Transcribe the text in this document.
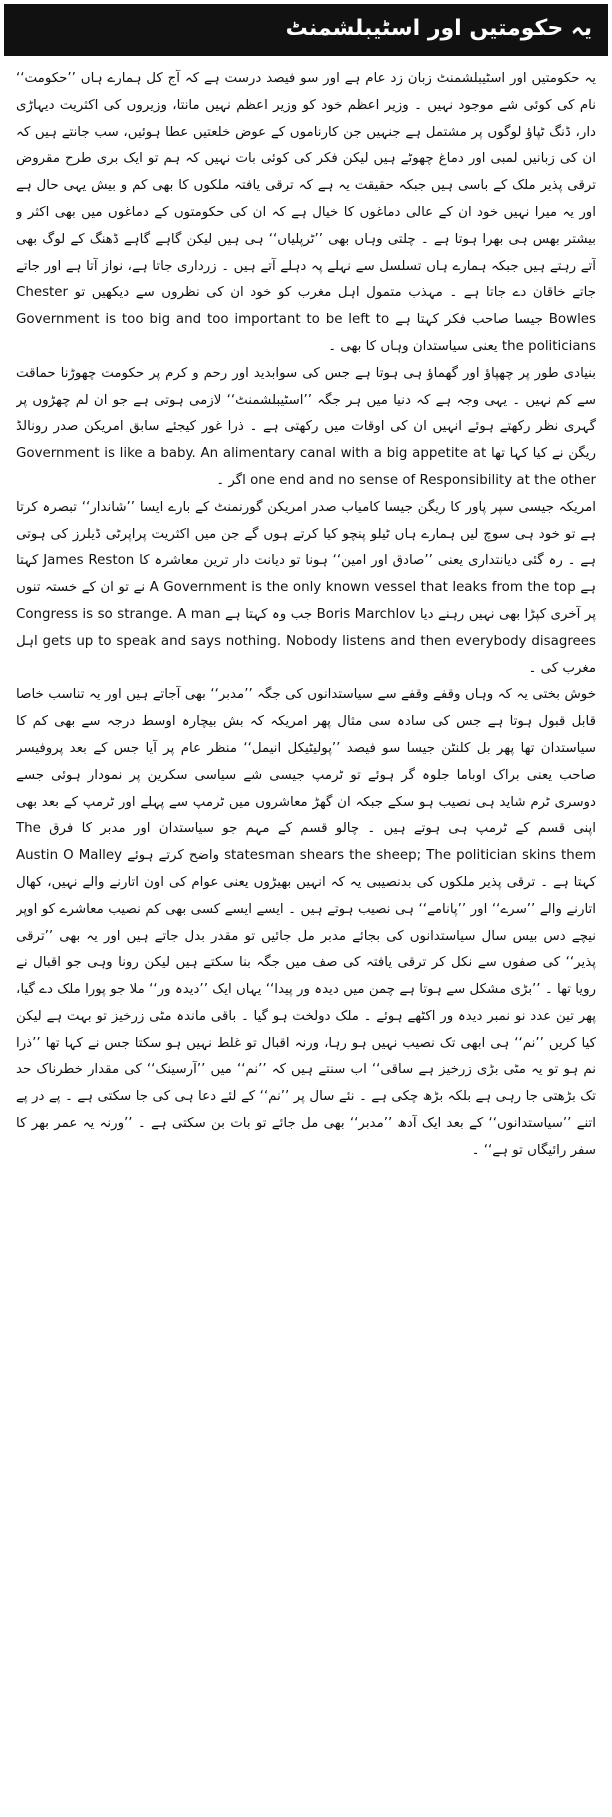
یہ حکومتیں اور اسٹیبلشمنٹ

یہ حکومتیں اور اسٹیبلشمنٹ زبان زد عام ہے اور سو فیصد درست ہے کہ آج کل ہمارے ہاں ’’حکومت‘‘ نام کی کوئی شے موجود نہیں ۔ وزیر اعظم خود کو وزیر اعظم نہیں مانتا، وزیروں کی اکثریت دیہاڑی دار، ڈنگ ٹپاؤ لوگوں پر مشتمل ہے جنہیں جن کارناموں کے عوض خلعتیں عطا ہوئیں، سب جانتے ہیں کہ ان کی زبانیں لمبی اور دماغ چھوٹے ہیں لیکن فکر کی کوئی بات نہیں کہ ہم تو ایک بری طرح مقروض ترقی پذیر ملک کے باسی ہیں جبکہ حقیقت یہ ہے کہ ترقی یافتہ ملکوں کا بھی کم و بیش یہی حال ہے اور یہ میرا نہیں خود ان کے عالی دماغوں کا خیال ہے کہ ان کی حکومتوں کے دماغوں میں بھی اکثر و بیشتر بھس ہی بھرا ہوتا ہے ۔ چلتی وہاں بھی ’’ٹرپلیاں‘‘ ہی ہیں لیکن گاہے گاہے ڈھنگ کے لوگ بھی آتے رہتے ہیں جبکہ ہمارے ہاں تسلسل سے نہلے پہ دہلے آتے ہیں ۔ زرداری جاتا ہے، نواز آتا ہے اور جاتے جاتے خاقان دے جاتا ہے ۔ مہذب متمول اہل مغرب کو خود ان کی نظروں سے دیکھیں تو Chester Bowles جیسا صاحب فکر کہتا ہے Government is too big and too important to be left to the politicians یعنی سیاستدان وہاں کا بھی ۔

بنیادی طور پر چھپاؤ اور گھماؤ ہی ہوتا ہے جس کی سوابدید اور رحم و کرم پر حکومت چھوڑنا حماقت سے کم نہیں ۔ یہی وجہ ہے کہ دنیا میں ہر جگہ ’’اسٹیبلشمنٹ‘‘ لازمی ہوتی ہے جو ان لم چھڑوں پر گہری نظر رکھتے ہوئے انہیں ان کی اوقات میں رکھتی ہے ۔ ذرا غور کیجئے سابق امریکن صدر رونالڈ ریگن نے کیا کہا تھا Government is like a baby. An alimentary canal with a big appetite at one end and no sense of Responsibility at the other اگر ۔

امریکہ جیسی سپر پاور کا ریگن جیسا کامیاب صدر امریکن گورنمنٹ کے بارے ایسا ’’شاندار‘‘ تبصرہ کرتا ہے تو خود ہی سوچ لیں ہمارے ہاں ٹیلو پنچو کیا کرتے ہوں گے جن میں اکثریت پراپرٹی ڈیلرز کی ہوتی ہے ۔ رہ گئی دیانتداری یعنی ’’صادق اور امین‘‘ ہونا تو دیانت دار ترین معاشرہ کا James Reston کہتا ہے A Government is the only known vessel that leaks from the top نے تو ان کے خستہ تنوں پر آخری کپڑا بھی نہیں رہنے دیا Boris Marchlov جب وہ کہتا ہے Congress is so strange. A man gets up to speak and says nothing. Nobody listens and then everybody disagrees اہل مغرب کی ۔

خوش بختی یہ کہ وہاں وقفے وقفے سے سیاستدانوں کی جگہ ’’مدبر‘‘ بھی آجاتے ہیں اور یہ تناسب خاصا قابل قبول ہوتا ہے جس کی سادہ سی مثال پھر امریکہ کہ بش بیچارہ اوسط درجہ سے بھی کم کا سیاستدان تھا پھر بل کلنٹن جیسا سو فیصد ’’پولیٹیکل انیمل‘‘ منظر عام پر آیا جس کے بعد پروفیسر صاحب یعنی براک اوباما جلوہ گر ہوئے تو ٹرمپ جیسی شے سیاسی سکرین پر نمودار ہوئی جسے دوسری ٹرم شاید ہی نصیب ہو سکے جبکہ ان گھڑ معاشروں میں ٹرمپ سے پہلے اور ٹرمپ کے بعد بھی اپنی قسم کے ٹرمپ ہی ہوتے ہیں ۔ چالو قسم کے مہم جو سیاستدان اور مدبر کا فرق The statesman shears the sheep; The politician skins them واضح کرتے ہوئے Austin O Malley کہتا ہے ۔ ترقی پذیر ملکوں کی بدنصیبی یہ کہ انہیں بھیڑوں یعنی عوام کی اون اتارنے والے نہیں، کھال اتارنے والے ’’سرے‘‘ اور ’’پانامے‘‘ ہی نصیب ہوتے ہیں ۔ ایسے ایسے کسی بھی کم نصیب معاشرے کو اوپر نیچے دس بیس سال سیاستدانوں کی بجائے مدبر مل جائیں تو مقدر بدل جاتے ہیں اور یہ بھی ’’ترقی پذیر‘‘ کی صفوں سے نکل کر ترقی یافتہ کی صف میں جگہ بنا سکتے ہیں لیکن رونا وہی جو اقبال نے رویا تھا ۔ ’’بڑی مشکل سے ہوتا ہے چمن میں دیدہ ور پیدا‘‘ یہاں ایک ’’دیدہ ور‘‘ ملا جو پورا ملک دے گیا، پھر تین عدد نو نمبر دیدہ ور اکٹھے ہوئے ۔ ملک دولخت ہو گیا ۔ باقی ماندہ مٹی زرخیز تو بہت ہے لیکن کیا کریں ’’نم‘‘ ہی ابھی تک نصیب نہیں ہو رہا، ورنہ اقبال تو غلط نہیں ہو سکتا جس نے کہا تھا ’’ذرا نم ہو تو یہ مٹی بڑی زرخیز ہے ساقی‘‘ اب سنتے ہیں کہ ’’نم‘‘ میں ’’آرسینک‘‘ کی مقدار خطرناک حد تک بڑھتی جا رہی ہے بلکہ بڑھ چکی ہے ۔ نئے سال پر ’’نم‘‘ کے لئے دعا ہی کی جا سکتی ہے ۔ پے در پے اتنے ’’سیاستدانوں‘‘ کے بعد ایک آدھ ’’مدبر‘‘ بھی مل جائے تو بات بن سکتی ہے ۔ ’’ورنہ یہ عمر بھر کا سفر رائیگاں تو ہے‘‘ ۔
